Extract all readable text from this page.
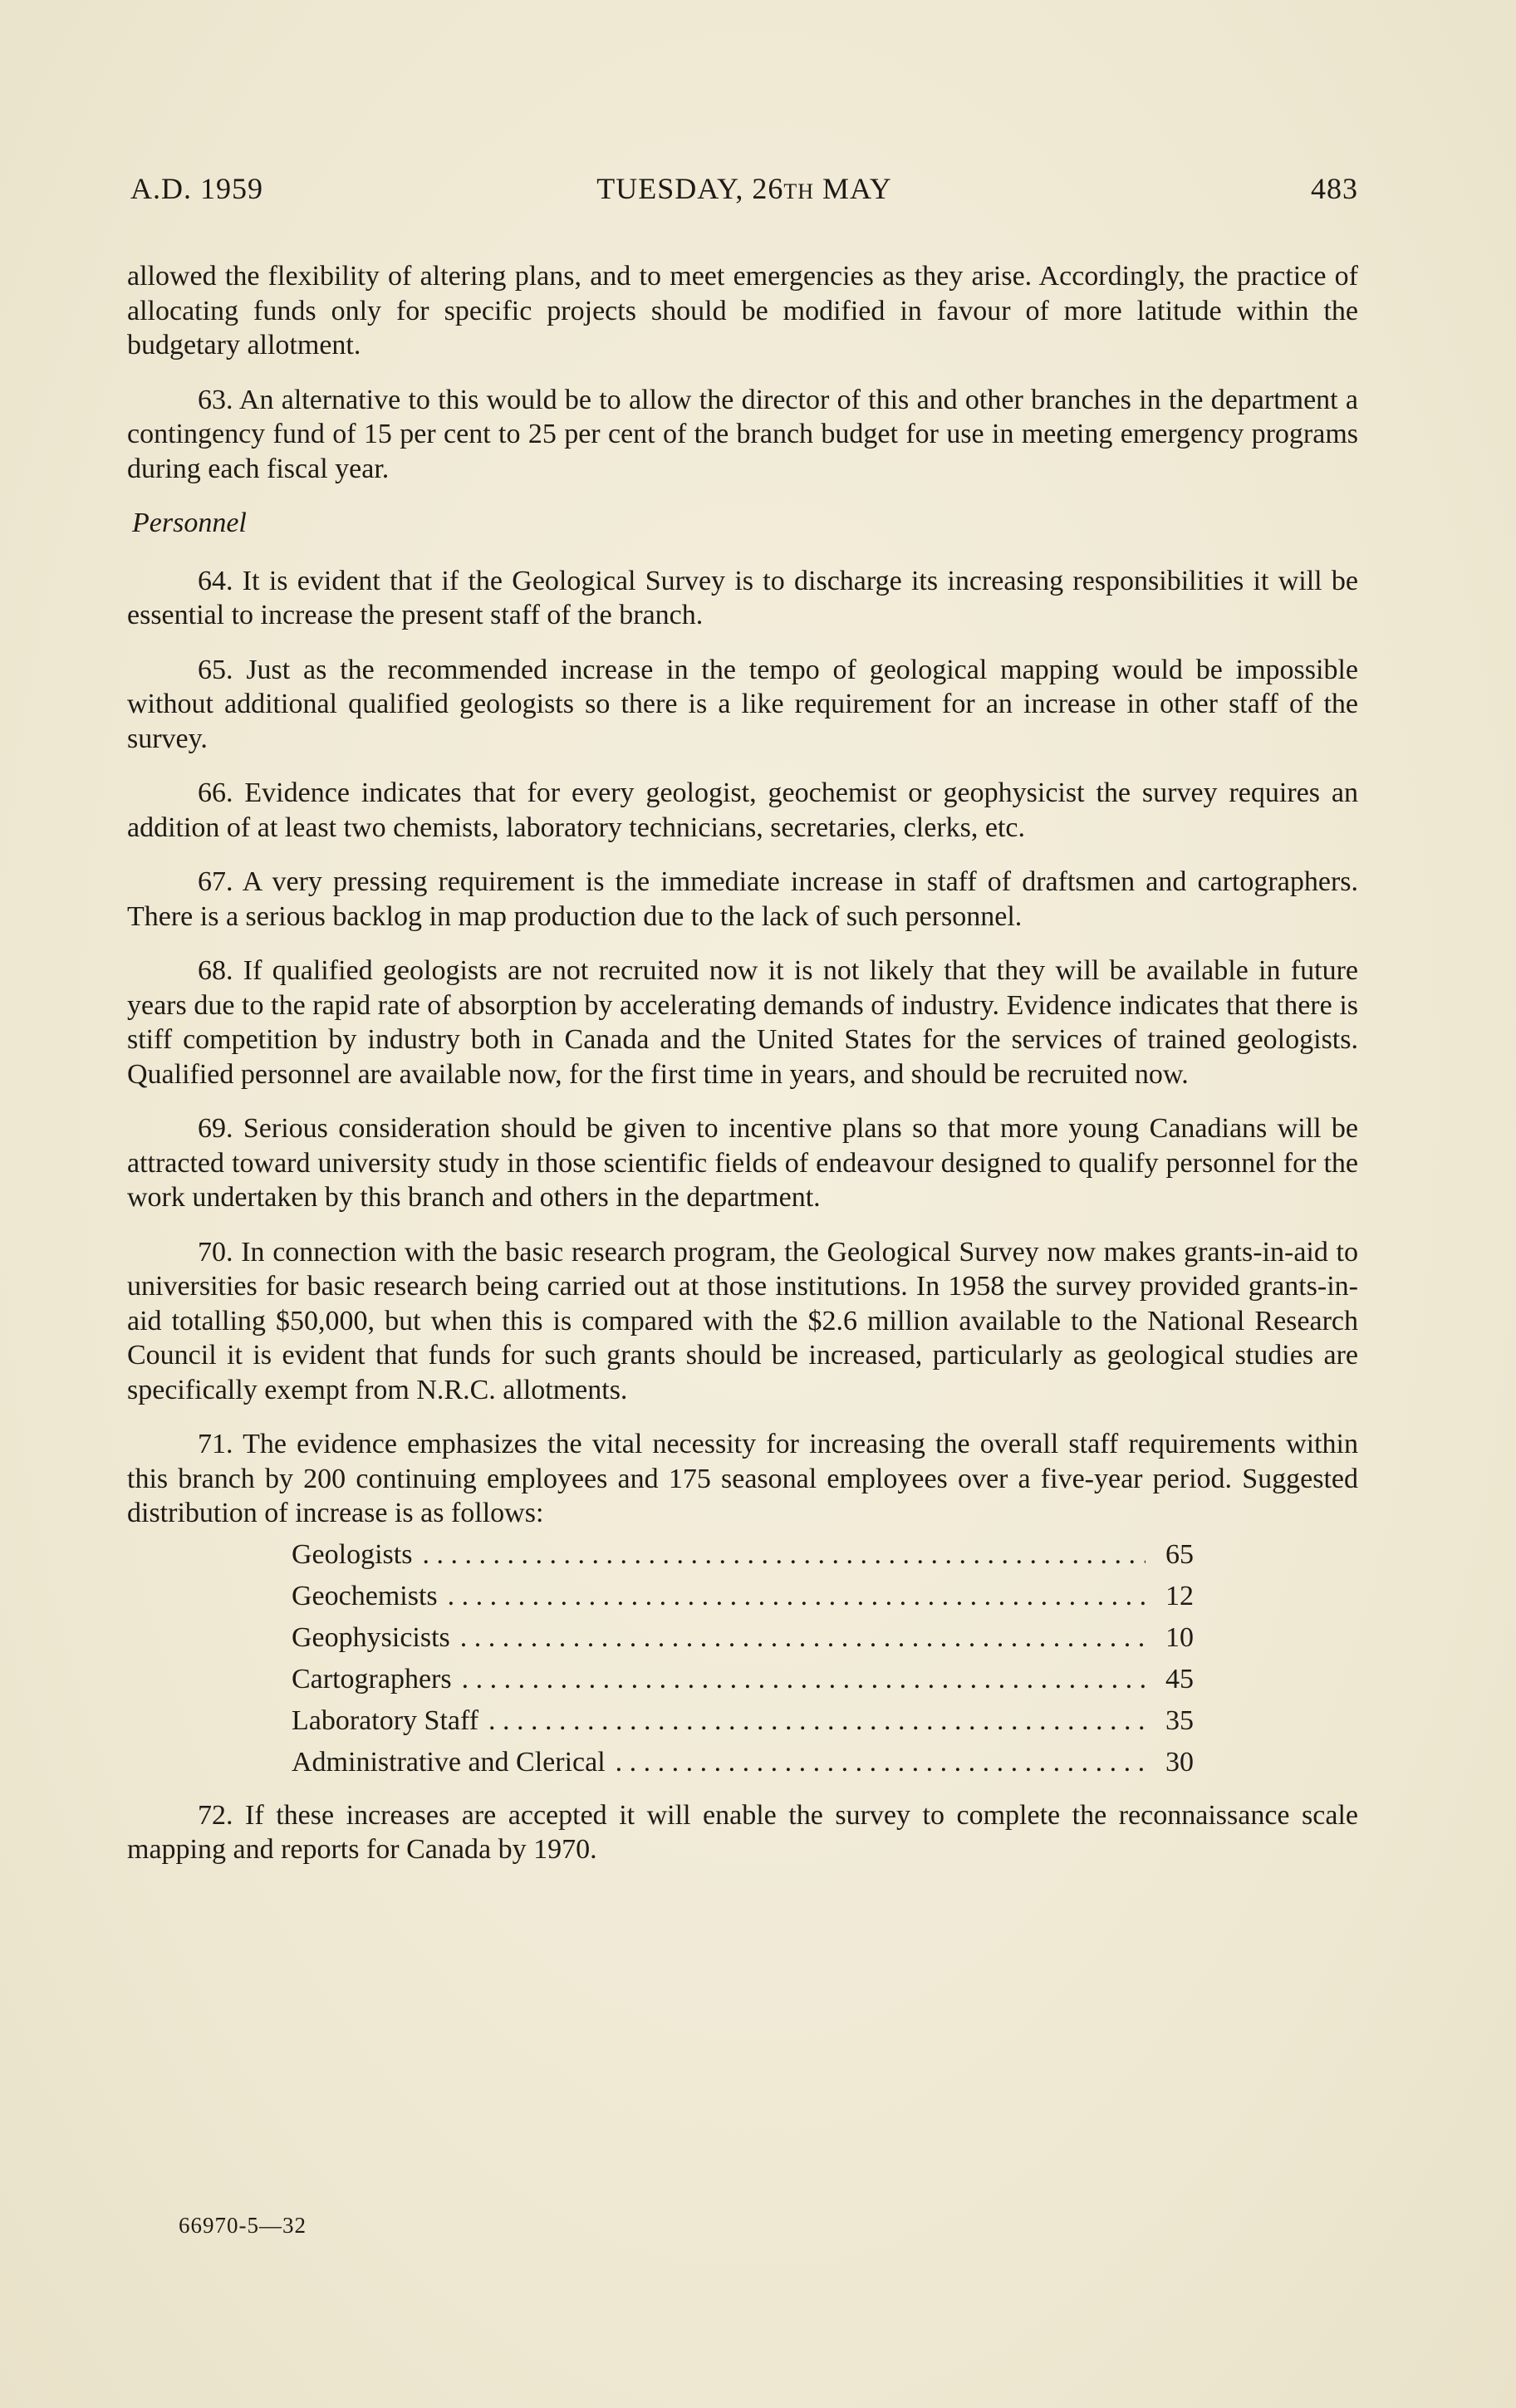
A.D. 1959	TUESDAY, 26TH MAY	483

allowed the flexibility of altering plans, and to meet emergencies as they arise. Accordingly, the practice of allocating funds only for specific projects should be modified in favour of more latitude within the budgetary allotment.

63. An alternative to this would be to allow the director of this and other branches in the department a contingency fund of 15 per cent to 25 per cent of the branch budget for use in meeting emergency programs during each fiscal year.

Personnel

64. It is evident that if the Geological Survey is to discharge its increasing responsibilities it will be essential to increase the present staff of the branch.

65. Just as the recommended increase in the tempo of geological mapping would be impossible without additional qualified geologists so there is a like requirement for an increase in other staff of the survey.

66. Evidence indicates that for every geologist, geochemist or geophysicist the survey requires an addition of at least two chemists, laboratory technicians, secretaries, clerks, etc.

67. A very pressing requirement is the immediate increase in staff of draftsmen and cartographers. There is a serious backlog in map production due to the lack of such personnel.

68. If qualified geologists are not recruited now it is not likely that they will be available in future years due to the rapid rate of absorption by accelerating demands of industry. Evidence indicates that there is stiff competition by industry both in Canada and the United States for the services of trained geologists. Qualified personnel are available now, for the first time in years, and should be recruited now.

69. Serious consideration should be given to incentive plans so that more young Canadians will be attracted toward university study in those scientific fields of endeavour designed to qualify personnel for the work undertaken by this branch and others in the department.

70. In connection with the basic research program, the Geological Survey now makes grants-in-aid to universities for basic research being carried out at those institutions. In 1958 the survey provided grants-in-aid totalling $50,000, but when this is compared with the $2.6 million available to the National Research Council it is evident that funds for such grants should be increased, particularly as geological studies are specifically exempt from N.R.C. allotments.

71. The evidence emphasizes the vital necessity for increasing the overall staff requirements within this branch by 200 continuing employees and 175 seasonal employees over a five-year period. Suggested distribution of increase is as follows:

Geologists . . .	65
Geochemists . . .	12
Geophysicists . . .	10
Cartographers . . .	45
Laboratory Staff . . .	35
Administrative and Clerical . . .	30

72. If these increases are accepted it will enable the survey to complete the reconnaissance scale mapping and reports for Canada by 1970.

66970-5—32
